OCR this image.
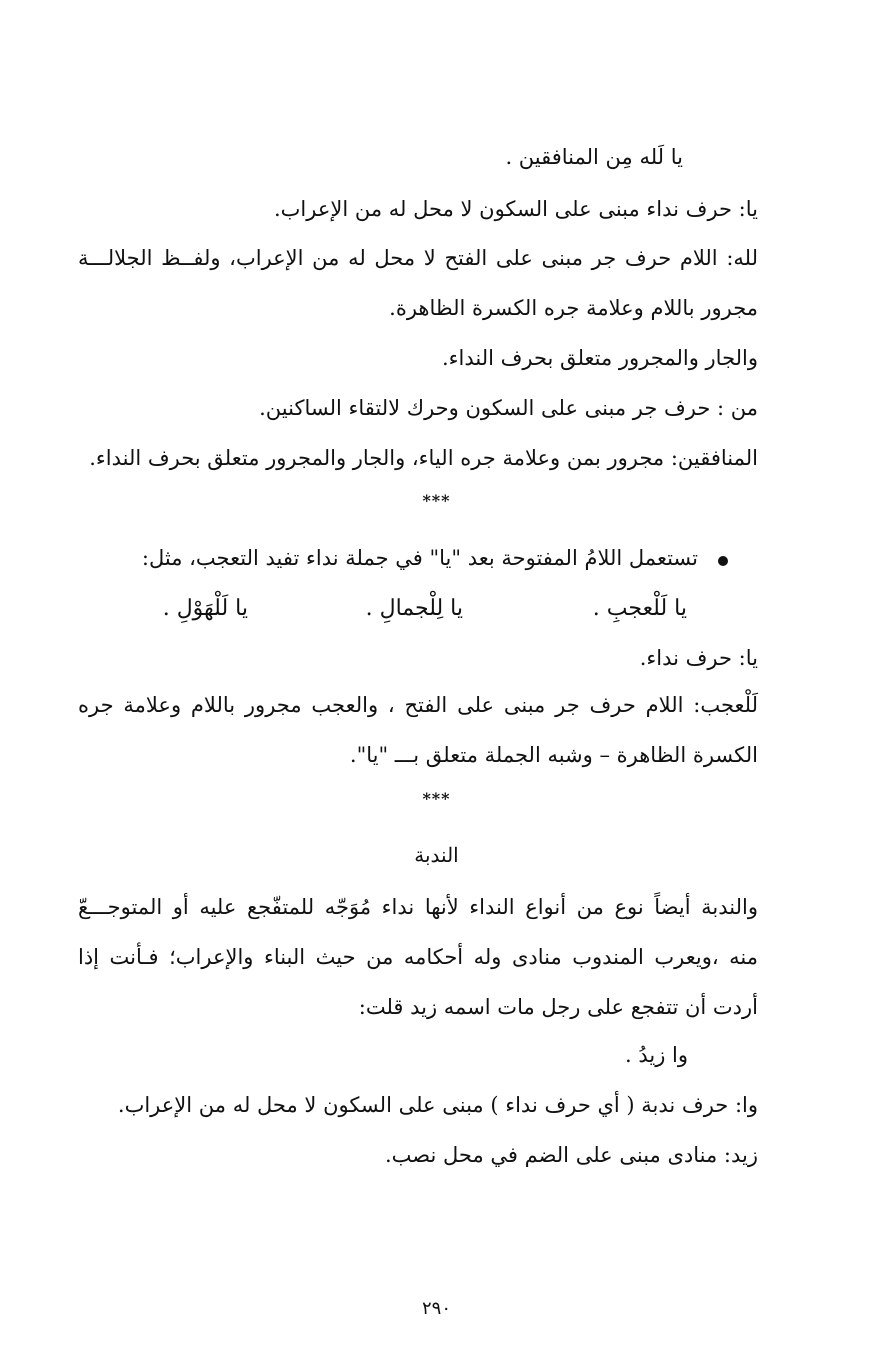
يا لَله مِن المنافقين .
يا: حرف نداء مبنى على السكون لا محل له من الإعراب.
لله: اللام حرف جر مبنى على الفتح لا محل له من الإعراب، ولفــظ الجلالـــة
مجرور باللام وعلامة جره الكسرة الظاهرة.
والجار والمجرور متعلق بحرف النداء.
من : حرف جر مبنى على السكون وحرك لالتقاء الساكنين.
المنافقين: مجرور بمن وعلامة جره الياء، والجار والمجرور متعلق بحرف النداء.
***
تستعمل اللامُ المفتوحة بعد "يا" في جملة نداء تفيد التعجب، مثل:
يا لَلْعجبِ .
يا لِلْجمالِ .
يا لَلْهَوْلِ .
يا: حرف نداء.
لَلْعجب: اللام حرف جر مبنى على الفتح ، والعجب مجرور باللام وعلامة جره
الكسرة الظاهرة – وشبه الجملة متعلق بـــ "يا".
***
الندبة
والندبة أيضاً نوع من أنواع النداء لأنها نداء مُوَجّه للمتفّجع عليه أو المتوجـــعّ
منه ،ويعرب المندوب منادى وله أحكامه من حيث البناء والإعراب؛ فـأنت إذا
أردت أن تتفجع على رجل مات اسمه زيد قلت:
وا زيدُ .
وا: حرف ندبة ( أي حرف نداء ) مبنى على السكون لا محل له من الإعراب.
زيد: منادى مبنى على الضم في محل نصب.
٢٩٠
